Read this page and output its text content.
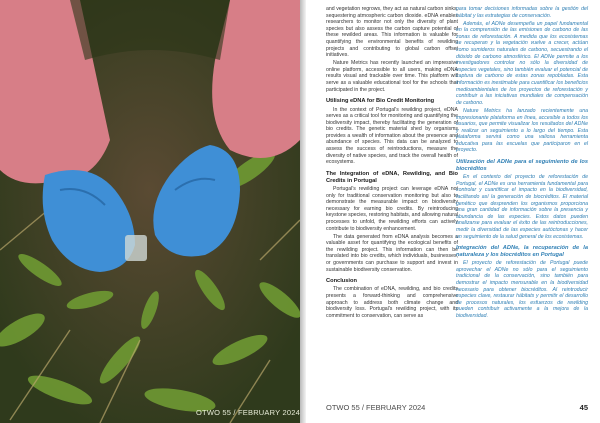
OTWO 55 / FEBRUARY 2024

and vegetation regrows, they act as natural carbon sinks, sequestering atmospheric carbon dioxide. eDNA enables researchers to monitor not only the diversity of plant species but also assess the carbon capture potential of these rewilded areas. This information is valuable for quantifying the environmental benefits of rewilding projects and contributing to global carbon offset initiatives.

Nature Metrics has recently launched an impressive online platform, accessible to all users, making eDNA results visual and trackable over time. This platform will serve as a valuable educational tool for the schools that participated in the project.

Utilising eDNA for Bio Credit Monitoring

In the context of Portugal's rewilding project, eDNA serves as a critical tool for monitoring and quantifying the biodiversity impact, thereby facilitating the generation of bio credits. The genetic material shed by organisms provides a wealth of information about the presence and abundance of species. This data can be analyzed to assess the success of reintroductions, measure the diversity of native species, and track the overall health of ecosystems.

The Integration of eDNA, Rewilding, and Bio Credits in Portugal

Portugal's rewilding project can leverage eDNA not only for traditional conservation monitoring but also to demonstrate the measurable impact on biodiversity necessary for earning bio credits. By reintroducing keystone species, restoring habitats, and allowing natural processes to unfold, the rewilding efforts can actively contribute to biodiversity enhancement.

The data generated from eDNA analysis becomes a valuable asset for quantifying the ecological benefits of the rewilding project. This information can then be translated into bio credits, which individuals, businesses, or governments can purchase to support and invest in sustainable biodiversity conservation.

Conclusion

The combination of eDNA, rewilding, and bio credits presents a forward-thinking and comprehensive approach to address both climate change and biodiversity loss. Portugal's rewilding project, with its commitment to conservation, can serve as

para tomar decisiones informadas sobre la gestión del hábitat y las estrategias de conservación.

Además, el ADNe desempeña un papel fundamental en la comprensión de las emisiones de carbono de las zonas de reforestación. A medida que los ecosistemas se recuperan y la vegetación vuelve a crecer, actúan como sumideros naturales de carbono, secuestrando el dióxido de carbono atmosférico. El ADNe permite a los investigadores controlar no sólo la diversidad de especies vegetales, sino también evaluar el potencial de captura de carbono de estas zonas repobladas. Esta información es inestimable para cuantificar los beneficios medioambientales de los proyectos de reforestación y contribuir a las iniciativas mundiales de compensación de carbono.

Nature Metrics ha lanzado recientemente una impresionante plataforma en línea, accesible a todos los usuarios, que permite visualizar los resultados del ADNe y realizar un seguimiento a lo largo del tiempo. Esta plataforma servirá como una valiosa herramienta educativa para las escuelas que participaron en el proyecto.

Utilización del ADNe para el seguimiento de los biocréditos

En el contexto del proyecto de reforestación de Portugal, el ADNe es una herramienta fundamental para controlar y cuantificar el impacto en la biodiversidad, facilitando así la generación de biocréditos. El material genético que desprenden los organismos proporciona una gran cantidad de información sobre la presencia y abundancia de las especies. Estos datos pueden analizarse para evaluar el éxito de las reintroducciones, medir la diversidad de las especies autóctonas y hacer un seguimiento de la salud general de los ecosistemas.

Integración del ADNe, la recuperación de la naturaleza y los biocréditos en Portugal

El proyecto de reforestación de Portugal puede aprovechar el ADNe no sólo para el seguimiento tradicional de la conservación, sino también para demostrar el impacto mensurable en la biodiversidad necesario para obtener biocréditos. Al reintroducir especies clave, restaurar hábitats y permitir el desarrollo de procesos naturales, los esfuerzos de rewilding pueden contribuir activamente a la mejora de la biodiversidad.

OTWO 55 / FEBRUARY 2024	45
